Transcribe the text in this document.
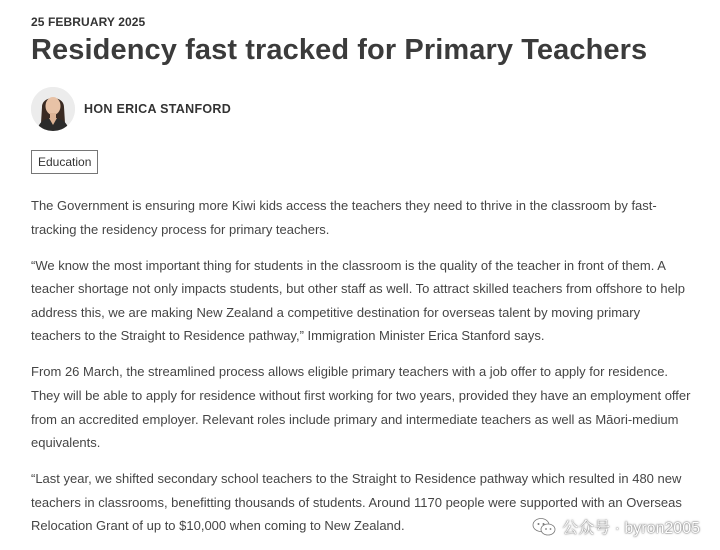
25 FEBRUARY 2025
Residency fast tracked for Primary Teachers
HON ERICA STANFORD
Education

The Government is ensuring more Kiwi kids access the teachers they need to thrive in the classroom by fast-tracking the residency process for primary teachers.

“We know the most important thing for students in the classroom is the quality of the teacher in front of them. A teacher shortage not only impacts students, but other staff as well. To attract skilled teachers from offshore to help address this, we are making New Zealand a competitive destination for overseas talent by moving primary teachers to the Straight to Residence pathway,” Immigration Minister Erica Stanford says.

From 26 March, the streamlined process allows eligible primary teachers with a job offer to apply for residence. They will be able to apply for residence without first working for two years, provided they have an employment offer from an accredited employer. Relevant roles include primary and intermediate teachers as well as Māori-medium equivalents.

“Last year, we shifted secondary school teachers to the Straight to Residence pathway which resulted in 480 new teachers in classrooms, benefitting thousands of students. Around 1170 people were supported with an Overseas Relocation Grant of up to $10,000 when coming to New Zealand.	公众号 · byron2005
